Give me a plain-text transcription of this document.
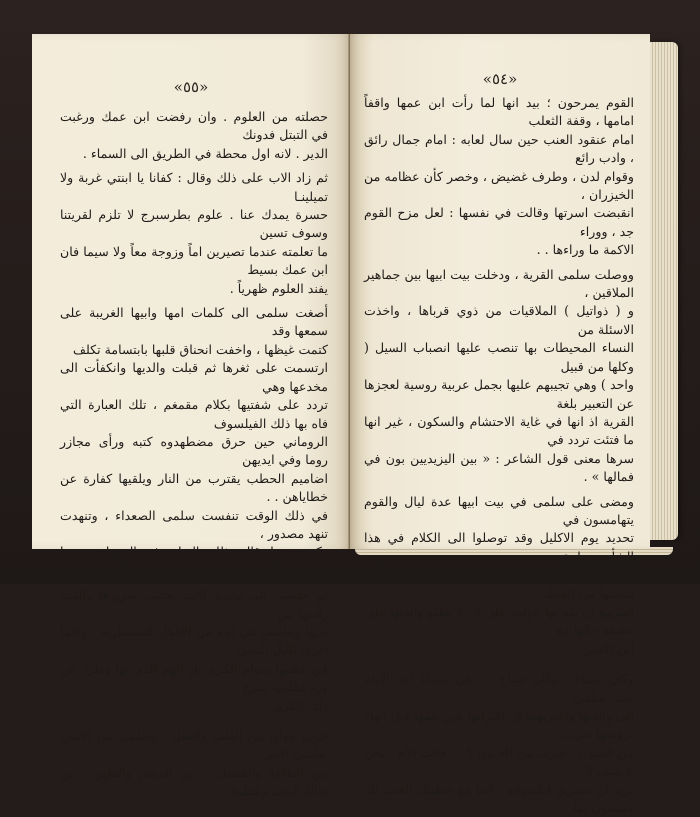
«٥٥»
حصلته من العلوم . وان رفضت ابن عمك ورغبت في التبتل فدونك
الدير . لانه اول محطة في الطريق الى السماء .
ثم زاد الاب على ذلك وقال : كفانا يا ابنتي غربة ولا تميلينـا
حسرة يمدك عنا . علوم بطرسبرج لا تلزم لقريتنا وسوف تسين
ما تعلمته عندما تصيرين اماً وزوجة معاً ولا سيما فان ابن عمك بسيط
يفند العلوم ظهرياً .
أصغت سلمى الى كلمات امها وابيها الغريبة على سمعها وقد
كتمت غيظها ، واخفت انحناق قلبها بابتسامة تكلف
ارتسمت على ثغرها ثم قبلت والديها وانكفأت الى مخدعها وهي
تردد على شفتيها بكلام مقمغم ، تلك العبارة التي فاه بها ذلك الفيلسوف
الروماني حين حرق مضطهدوه كتبه ورأى مجازر روما وفي ايديهن
اضاميم الحطب يقترب من النار ويلقيها كفارة عن خطاياهن . .
في ذلك الوقت تنفست سلمى الصعداء ، وتنهدت تنهد مصدور ،
وكررت ما قاله ذلك الفيلسوف الروماني : يا للبساطة المقدسة . . .
ثم جلست الى مائدة كانت بجانب سريرها والقت رأسها بين
يديها وغاصت في لجة من الافكار المضطربة . وكلما اغرى الليل الثقيل
في جفنيها سوام الكرى ثار الهم الذي بها وطرد عن ورد مقلتيها سرح
ذلك الكرى . .
حرب عوان بين القلب والعقل . وسلمى بين الاثنين تقاسي الالم
بين الطاعة والعصيان ، بين الدنس والطهر ، بين نذالة التقيد وعظمة
«٥٤»
القوم يمرحون ؛ بيد انها لما رأت ابن عمها واقفاً امامها ، وقفة الثعلب
امام عنقود العنب حين سال لعابه : امام جمال رائق ، وادب رائع
وقوام لدن ، وطرف غضيض ، وخصر كأن عظامه من الخيزران ،
انقبضت اسرتها وقالت في نفسها : لعل مزح القوم جد ، ووراء
الاكمة ما وراءها . .
ووصلت سلمى القرية ، ودخلت بيت ابيها بين جماهير الملاقين ،
و ( ذواتيل ) الملاقيات من ذوي قرباها ، واخذت الاسئلة من
النساء المحيطات بها تنصب عليها انصباب السيل ( وكلها من قبيل
واحد ) وهي تجيبهم عليها بجمل عربية روسية لعجزها عن التعبير بلغة
القرية اذ انها في غاية الاحتشام والسكون ، غير انها ما فتئت تردد في
سرها معنى قول الشاعر : « بين اليزيديين بون في فمالها » .
ومضى على سلمى في بيت ابيها عدة ليال والقوم يتهامسون في
تحديد يوم الاكليل وقد توصلوا الى الكلام في هذا الشأن صراحة
وعلى مسمع منها . الا انها تدبرت للامر ، وحيطة لنفسها من الخطب
المزمع ان يلم بها عولت على ان لا تطلع والديها على حقيقة حالها مع
ابن الامير .
وكان مساء ، وكان صباح . . في مساء احد الايام خلت سلمى
الى والديها واخبرتهما ان اقترانها بابن عمها قبل انهاء دروسها ضرب
من الجنون ـ ضرب من الجنون ؟ . . قالت الام . نحن يا بنيتي لا
تريد ان تصيري فيلسوفة . لاننا مع خطيبك الحمد لله مقتنعون بما
